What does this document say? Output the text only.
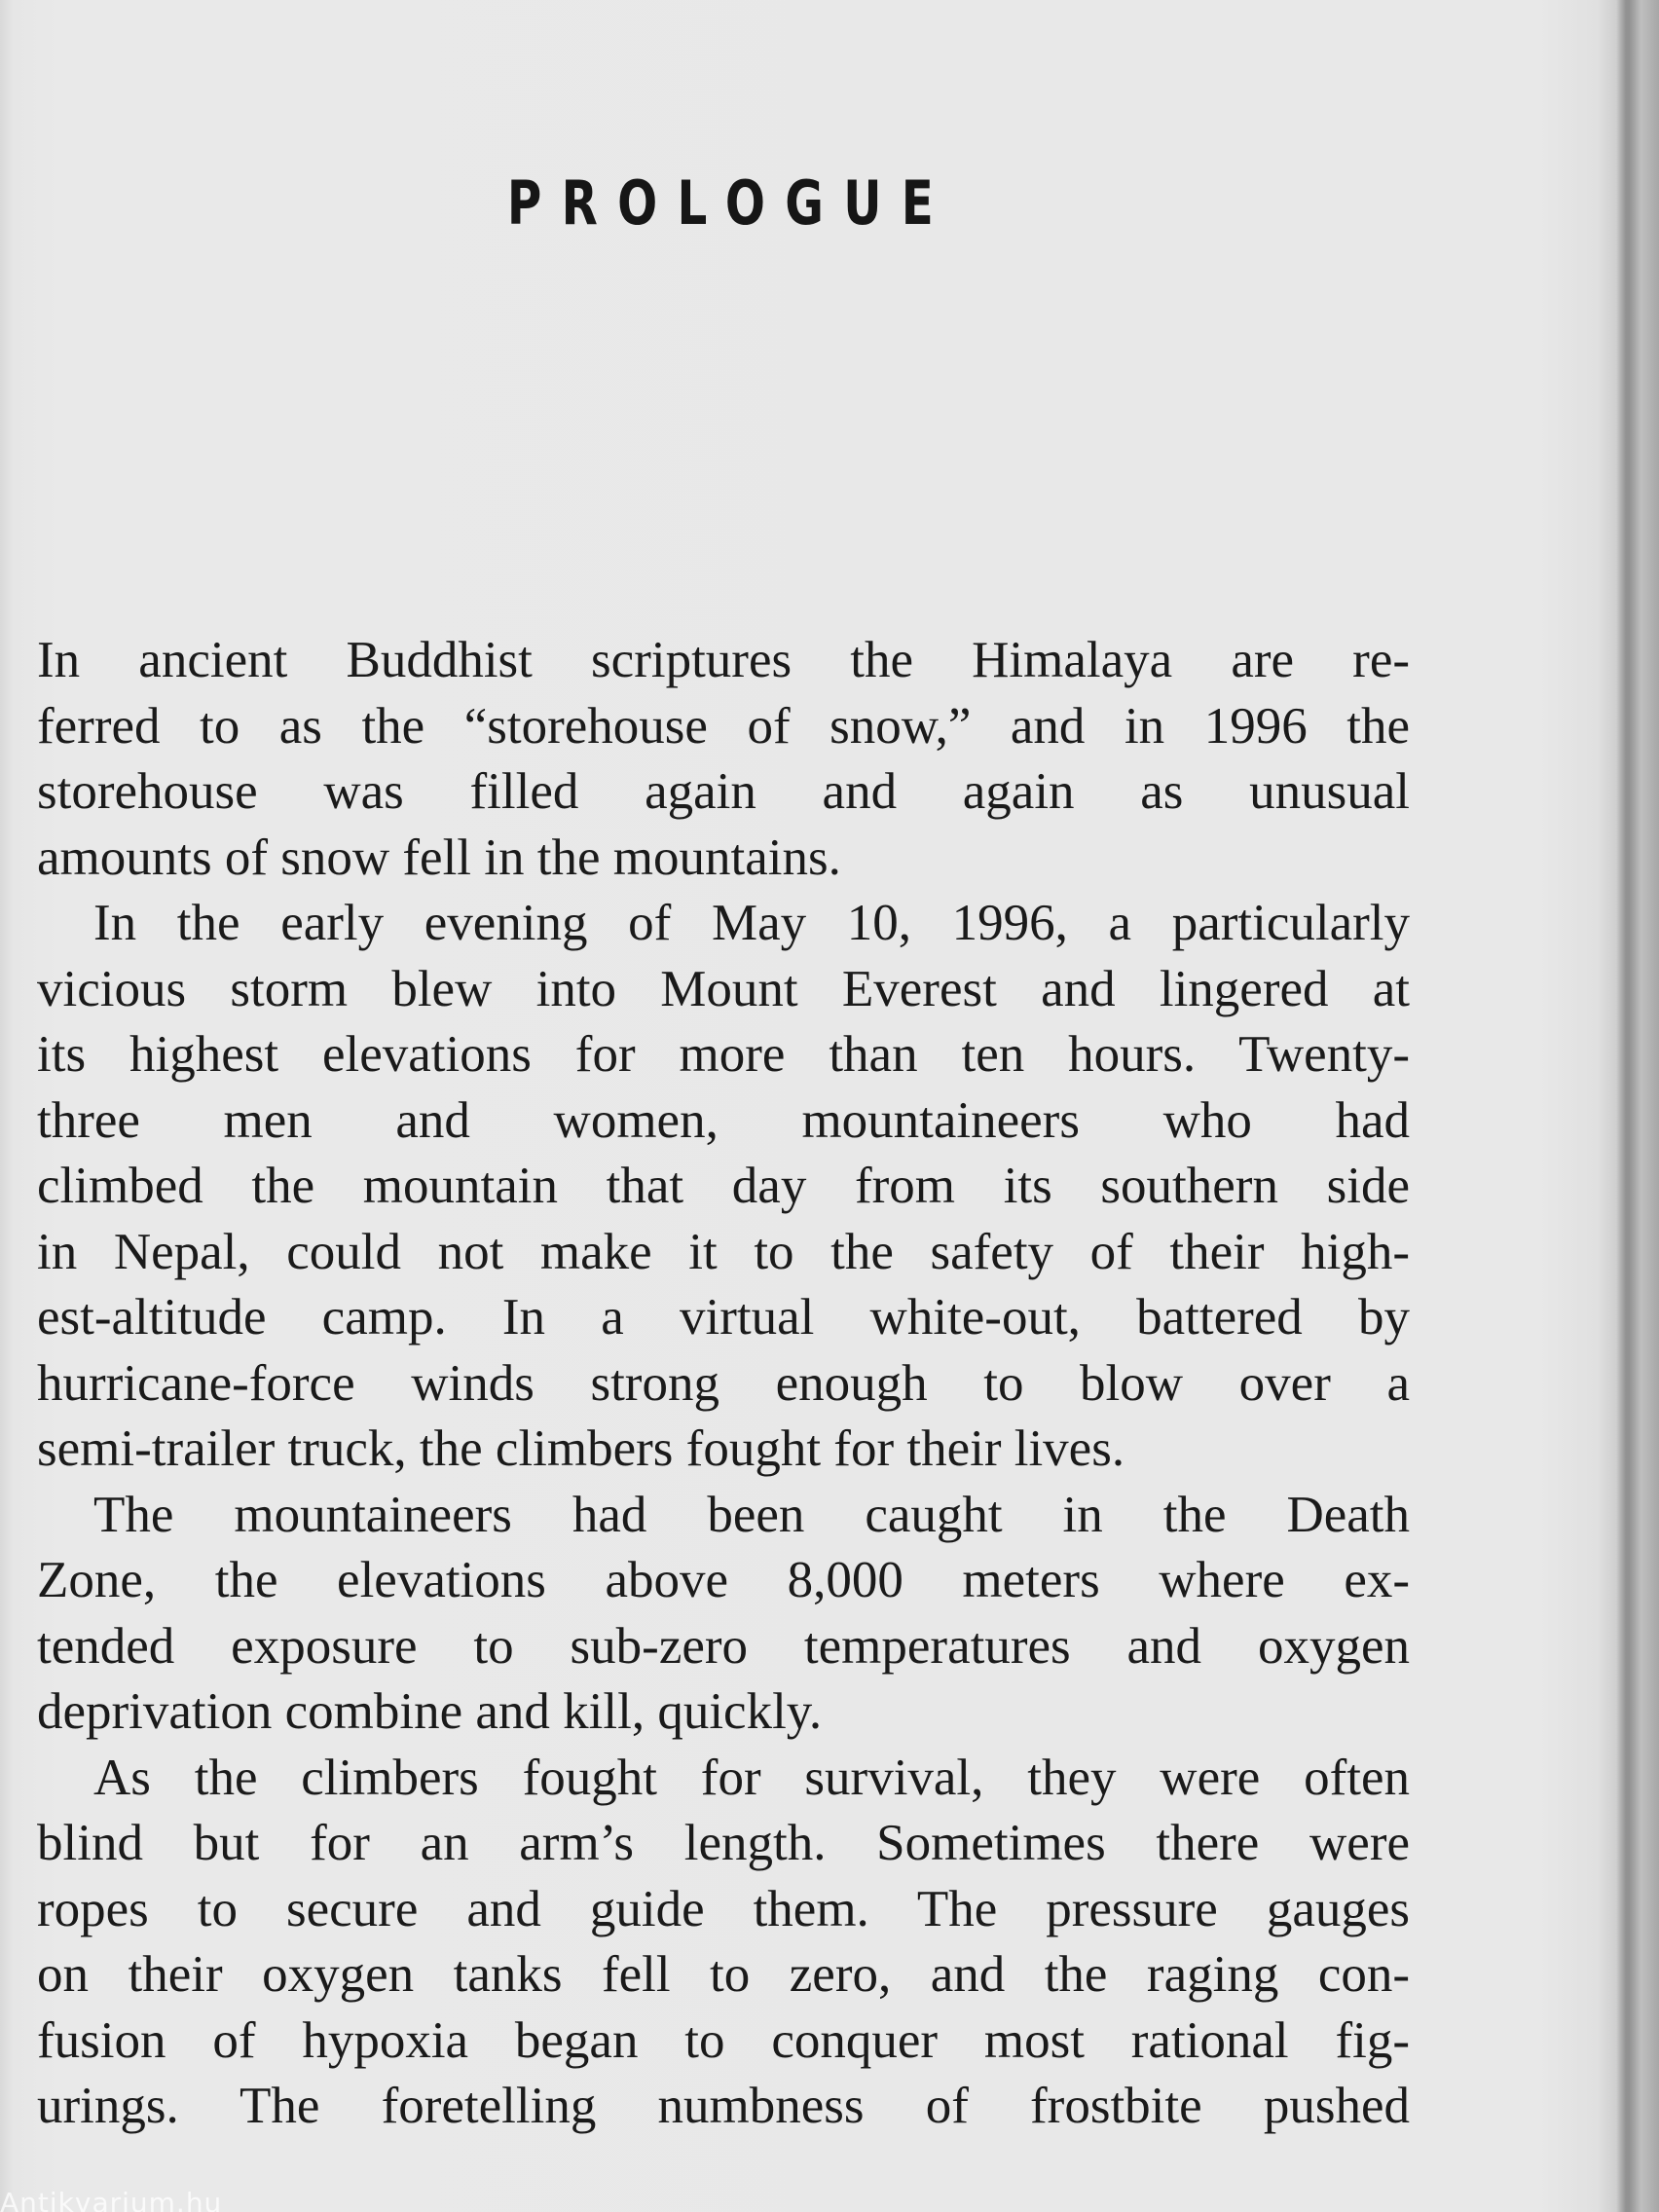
PROLOGUE
In ancient Buddhist scriptures the Himalaya are re-
ferred to as the “storehouse of snow,” and in 1996 the
storehouse was filled again and again as unusual
amounts of snow fell in the mountains.
In the early evening of May 10, 1996, a particularly
vicious storm blew into Mount Everest and lingered at
its highest elevations for more than ten hours. Twenty-
three men and women, mountaineers who had
climbed the mountain that day from its southern side
in Nepal, could not make it to the safety of their high-
est-altitude camp. In a virtual white-out, battered by
hurricane-force winds strong enough to blow over a
semi-trailer truck, the climbers fought for their lives.
The mountaineers had been caught in the Death
Zone, the elevations above 8,000 meters where ex-
tended exposure to sub-zero temperatures and oxygen
deprivation combine and kill, quickly.
As the climbers fought for survival, they were often
blind but for an arm’s length. Sometimes there were
ropes to secure and guide them. The pressure gauges
on their oxygen tanks fell to zero, and the raging con-
fusion of hypoxia began to conquer most rational fig-
urings. The foretelling numbness of frostbite pushed
Antikvarium.hu
